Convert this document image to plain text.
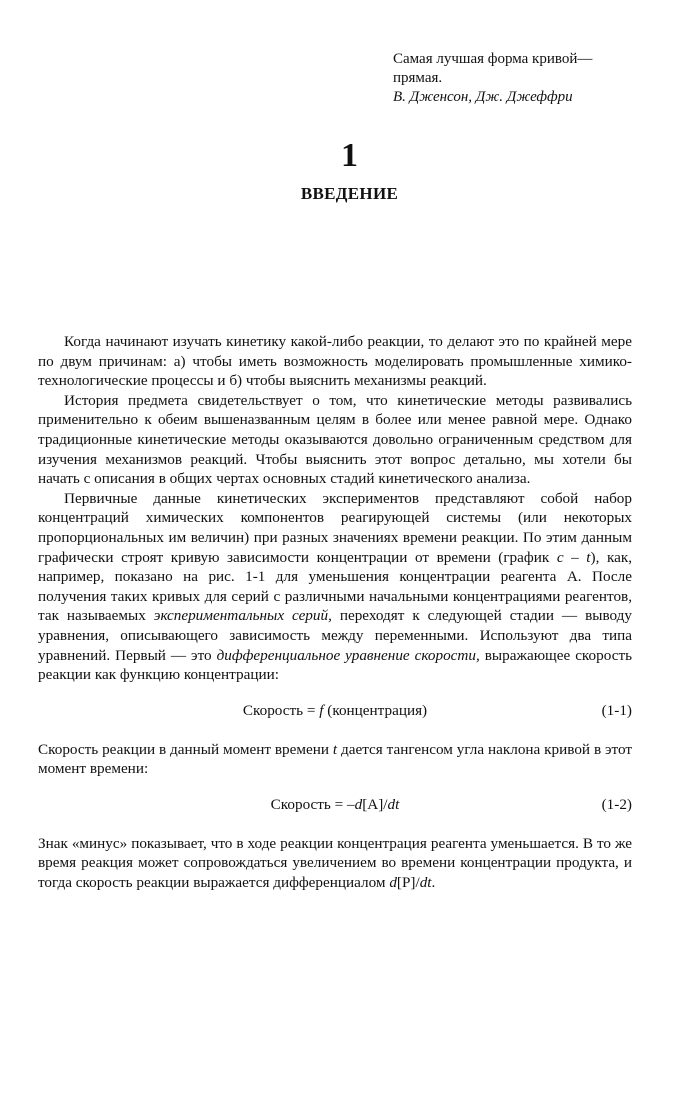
Самая лучшая форма кривой—
прямая.
В. Дженсон, Дж. Джеффри
1
ВВЕДЕНИЕ

Когда начинают изучать кинетику какой-либо реакции, то делают это по крайней мере по двум причинам: а) чтобы иметь возможность моделировать промышленные химико-технологические процессы и б) чтобы выяснить механизмы реакций.

История предмета свидетельствует о том, что кинетические методы развивались применительно к обеим вышеназванным целям в более или менее равной мере. Однако традиционные кинетические методы оказываются довольно ограниченным средством для изучения механизмов реакций. Чтобы выяснить этот вопрос детально, мы хотели бы начать с описания в общих чертах основных стадий кинетического анализа.

Первичные данные кинетических экспериментов представляют собой набор концентраций химических компонентов реагирующей системы (или некоторых пропорциональных им величин) при разных значениях времени реакции. По этим данным графически строят кривую зависимости концентрации от времени (график c – t), как, например, показано на рис. 1-1 для уменьшения концентрации реагента А. После получения таких кривых для серий с различными начальными концентрациями реагентов, так называемых экспериментальных серий, переходят к следующей стадии — выводу уравнения, описывающего зависимость между переменными. Используют два типа уравнений. Первый — это дифференциальное уравнение скорости, выражающее скорость реакции как функцию концентрации:

Скорость = f (концентрация)	(1-1)

Скорость реакции в данный момент времени t дается тангенсом угла наклона кривой в этот момент времени:

Скорость = –d[A]/dt	(1-2)

Знак «минус» показывает, что в ходе реакции концентрация реагента уменьшается. В то же время реакция может сопровождаться увеличением во времени концентрации продукта, и тогда скорость реакции выражается дифференциалом d[P]/dt.
